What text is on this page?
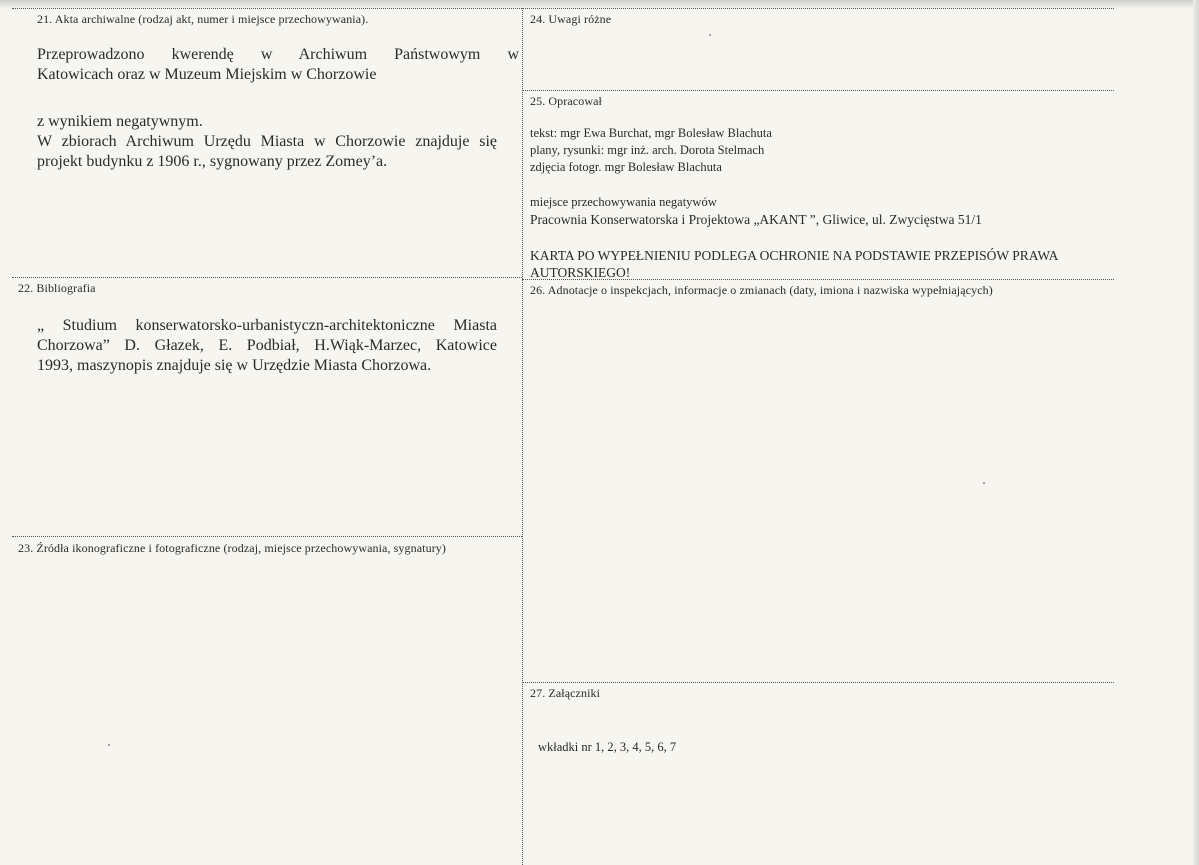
21. Akta archiwalne (rodzaj akt, numer i miejsce przechowywania).

Przeprowadzono kwerendę w Archiwum Państwowym w

Katowicach oraz w Muzeum Miejskim w Chorzowie

z wynikiem negatywnym.

W zbiorach Archiwum Urzędu Miasta w Chorzowie znajduje się

projekt budynku z 1906 r., sygnowany przez Zomey’a.

22. Bibliografia

„ Studium konserwatorsko-urbanistyczn-architektoniczne Miasta

Chorzowa” D. Głazek, E. Podbiał, H.Wiąk-Marzec, Katowice

1993, maszynopis znajduje się w Urzędzie Miasta Chorzowa.

23. Źródła ikonograficzne i fotograficzne (rodzaj, miejsce przechowywania, sygnatury)

24. Uwagi różne

25. Opracował

tekst: mgr Ewa Burchat, mgr Bolesław Blachuta

plany, rysunki: mgr inż. arch. Dorota Stelmach

zdjęcia fotogr. mgr Bolesław Blachuta

miejsce przechowywania negatywów

Pracownia Konserwatorska i Projektowa „AKANT ”, Gliwice, ul. Zwycięstwa 51/1

KARTA PO WYPEŁNIENIU PODLEGA OCHRONIE NA PODSTAWIE PRZEPISÓW PRAWA

AUTORSKIEGO!

26. Adnotacje o inspekcjach, informacje o zmianach (daty, imiona i nazwiska wypełniających)

27. Załączniki

wkładki nr 1, 2, 3, 4, 5, 6, 7
